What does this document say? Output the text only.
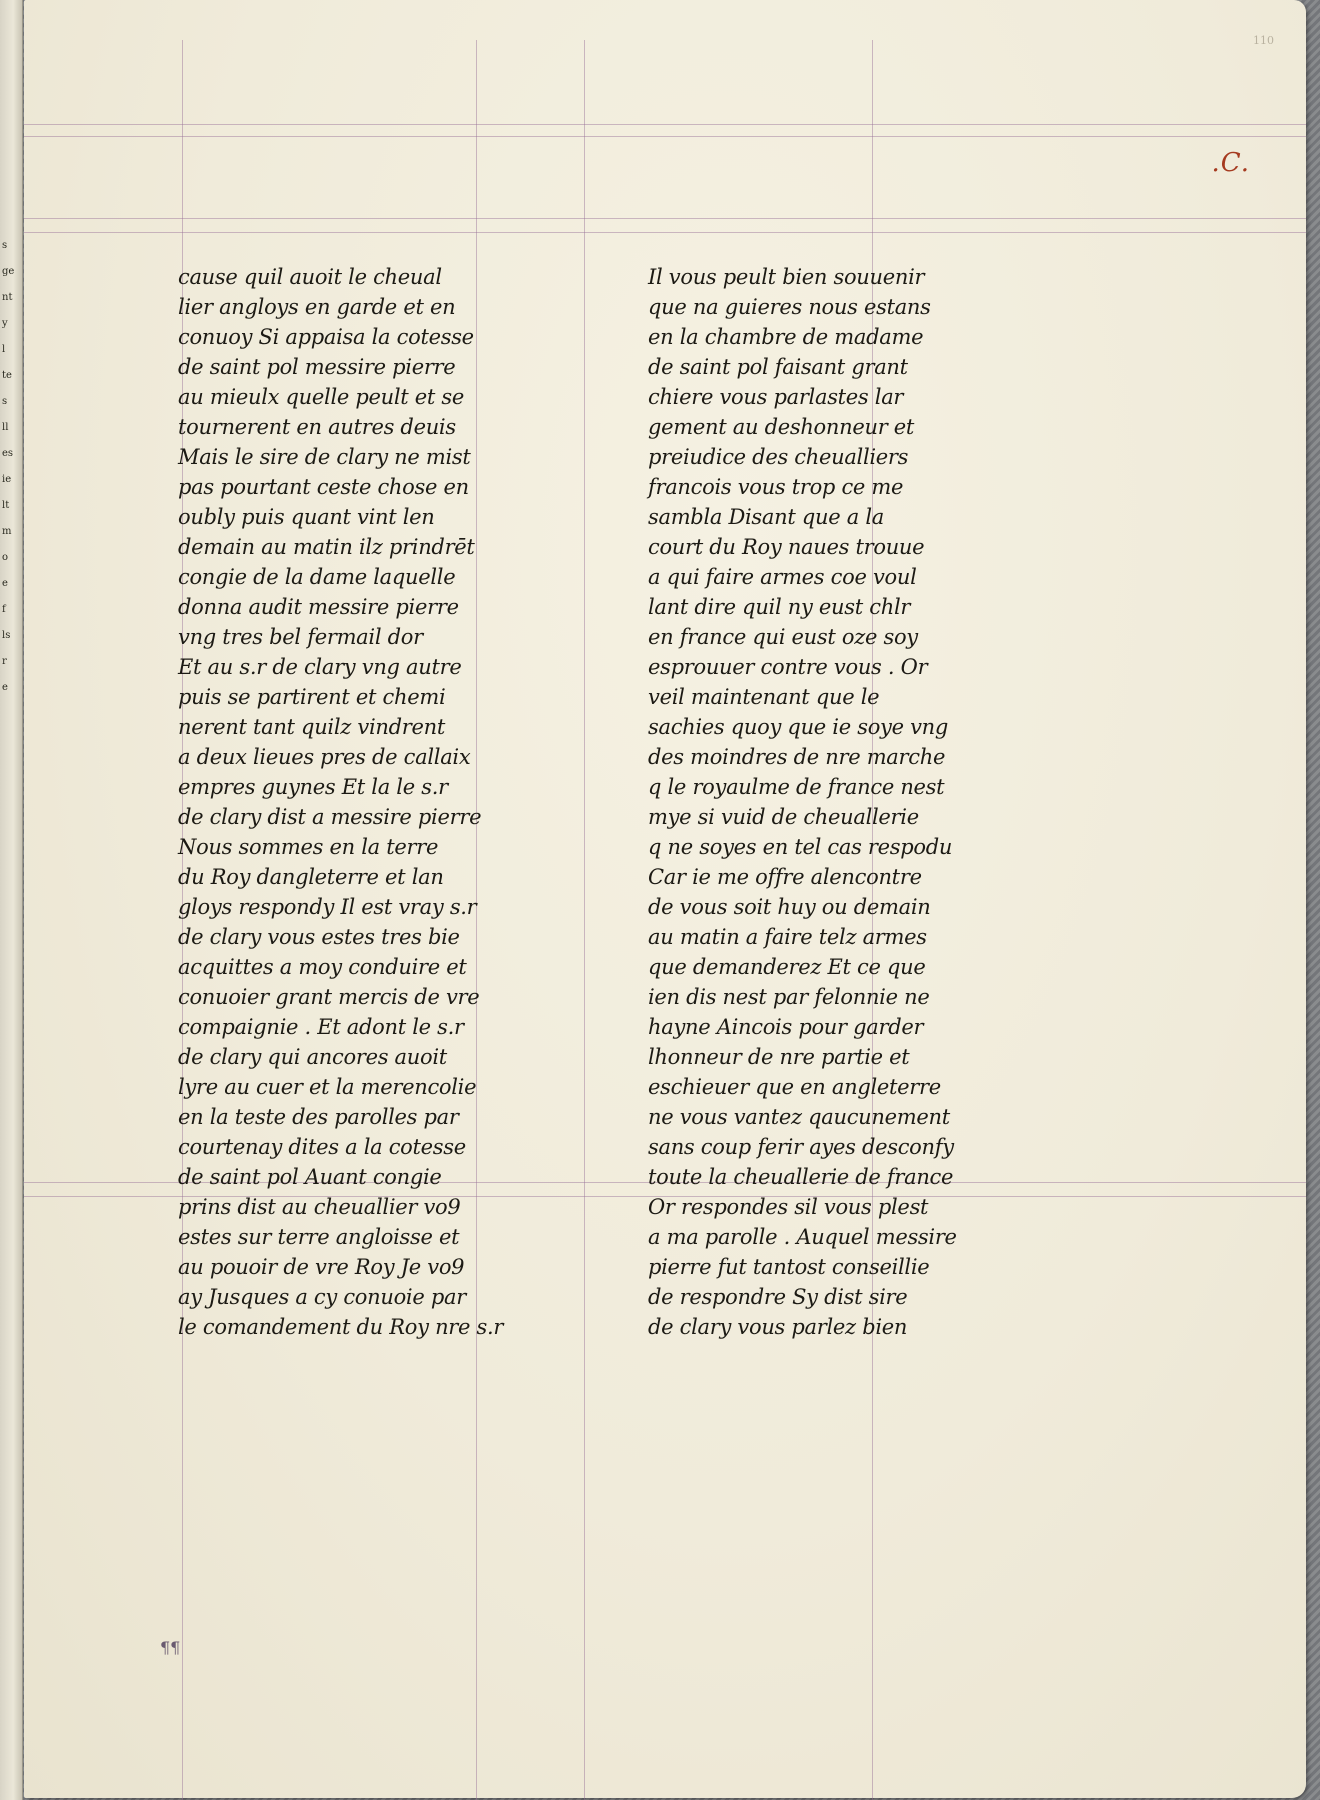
s
ge
nt
y
l
te
s
ll
es
ie
lt
m
o
e
f
ls
r
e
110
.C.
cause quil auoit le cheual
lier angloys en garde et en
conuoy Si appaisa la cotesse
de saint pol messire pierre
au mieulx quelle peult et se
tournerent en autres deuis
Mais le sire de clary ne mist
pas pourtant ceste chose en
oubly puis quant vint len
demain au matin ilz prindrēt
congie de la dame laquelle
donna audit messire pierre
vng tres bel fermail dor
Et au s.r de clary vng autre
puis se partirent et chemi
nerent tant quilz vindrent
a deux lieues pres de callaix
empres guynes Et la le s.r
de clary dist a messire pierre
Nous sommes en la terre
du Roy dangleterre et lan
gloys respondy Il est vray s.r
de clary vous estes tres bie
acquittes a moy conduire et
conuoier grant mercis de vre
compaignie . Et adont le s.r
de clary qui ancores auoit
lyre au cuer et la merencolie
en la teste des parolles par
courtenay dites a la cotesse
de saint pol Auant congie
prins dist au cheuallier vo9
estes sur terre angloisse et
au pouoir de vre Roy Je vo9
ay Jusques a cy conuoie par
le comandement du Roy nre s.r
Il vous peult bien souuenir
que na guieres nous estans
en la chambre de madame
de saint pol faisant grant
chiere vous parlastes lar
gement au deshonneur et
preiudice des cheualliers
francois vous trop ce me
sambla Disant que a la
court du Roy naues trouue
a qui faire armes coe voul
lant dire quil ny eust chlr
en france qui eust oze soy
esprouuer contre vous . Or
veil maintenant que le
sachies quoy que ie soye vng
des moindres de nre marche
q le royaulme de france nest
mye si vuid de cheuallerie
q ne soyes en tel cas respodu
Car ie me offre alencontre
de vous soit huy ou demain
au matin a faire telz armes
que demanderez Et ce que
ien dis nest par felonnie ne
hayne Aincois pour garder
lhonneur de nre partie et
eschieuer que en angleterre
ne vous vantez qaucunement
sans coup ferir ayes desconfy
toute la cheuallerie de france
Or respondes sil vous plest
a ma parolle . Auquel messire
pierre fut tantost conseillie
de respondre Sy dist sire
de clary vous parlez bien
¶¶
